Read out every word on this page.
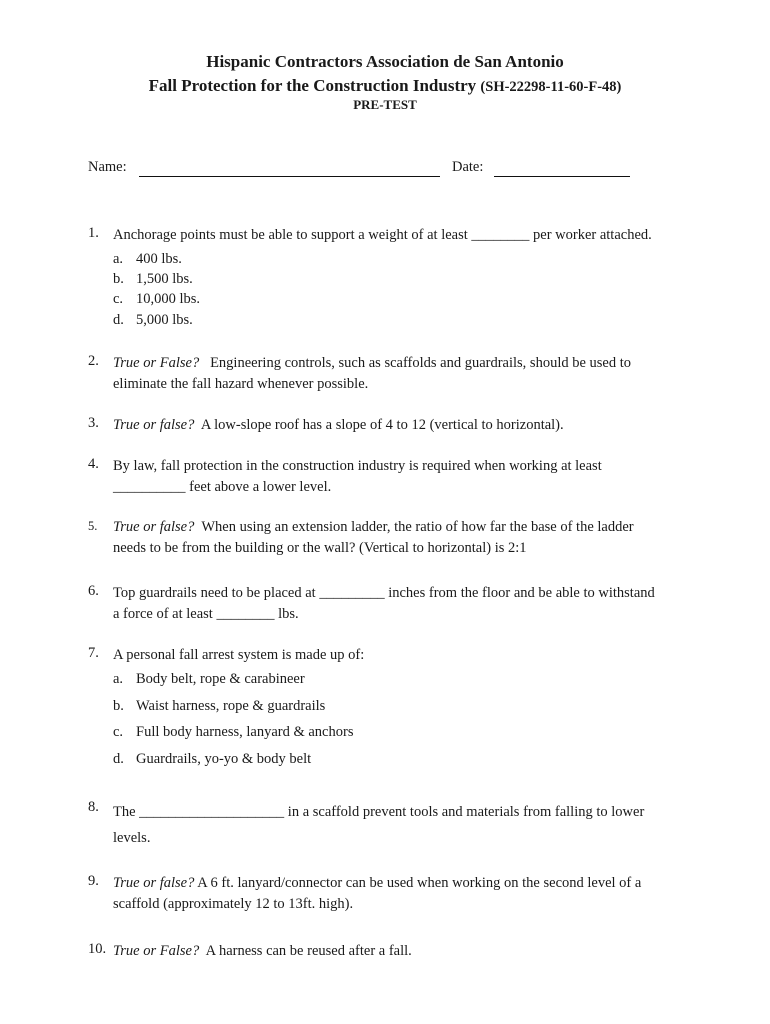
Hispanic Contractors Association de San Antonio
Fall Protection for the Construction Industry (SH-22298-11-60-F-48)
PRE-TEST
Name:	Date:
1. Anchorage points must be able to support a weight of at least ________ per worker attached.
a. 400 lbs.
b. 1,500 lbs.
c. 10,000 lbs.
d. 5,000 lbs.
2. True or False? Engineering controls, such as scaffolds and guardrails, should be used to
eliminate the fall hazard whenever possible.
3. True or false? A low-slope roof has a slope of 4 to 12 (vertical to horizontal).
4. By law, fall protection in the construction industry is required when working at least
__________ feet above a lower level.
5. True or false? When using an extension ladder, the ratio of how far the base of the ladder
needs to be from the building or the wall? (Vertical to horizontal) is 2:1
6. Top guardrails need to be placed at _________ inches from the floor and be able to withstand
a force of at least ________ lbs.
7. A personal fall arrest system is made up of:
a. Body belt, rope & carabineer
b. Waist harness, rope & guardrails
c. Full body harness, lanyard & anchors
d. Guardrails, yo-yo & body belt
8. The ____________________ in a scaffold prevent tools and materials from falling to lower
levels.
9. True or false? A 6 ft. lanyard/connector can be used when working on the second level of a
scaffold (approximately 12 to 13ft. high).
10. True or False? A harness can be reused after a fall.
